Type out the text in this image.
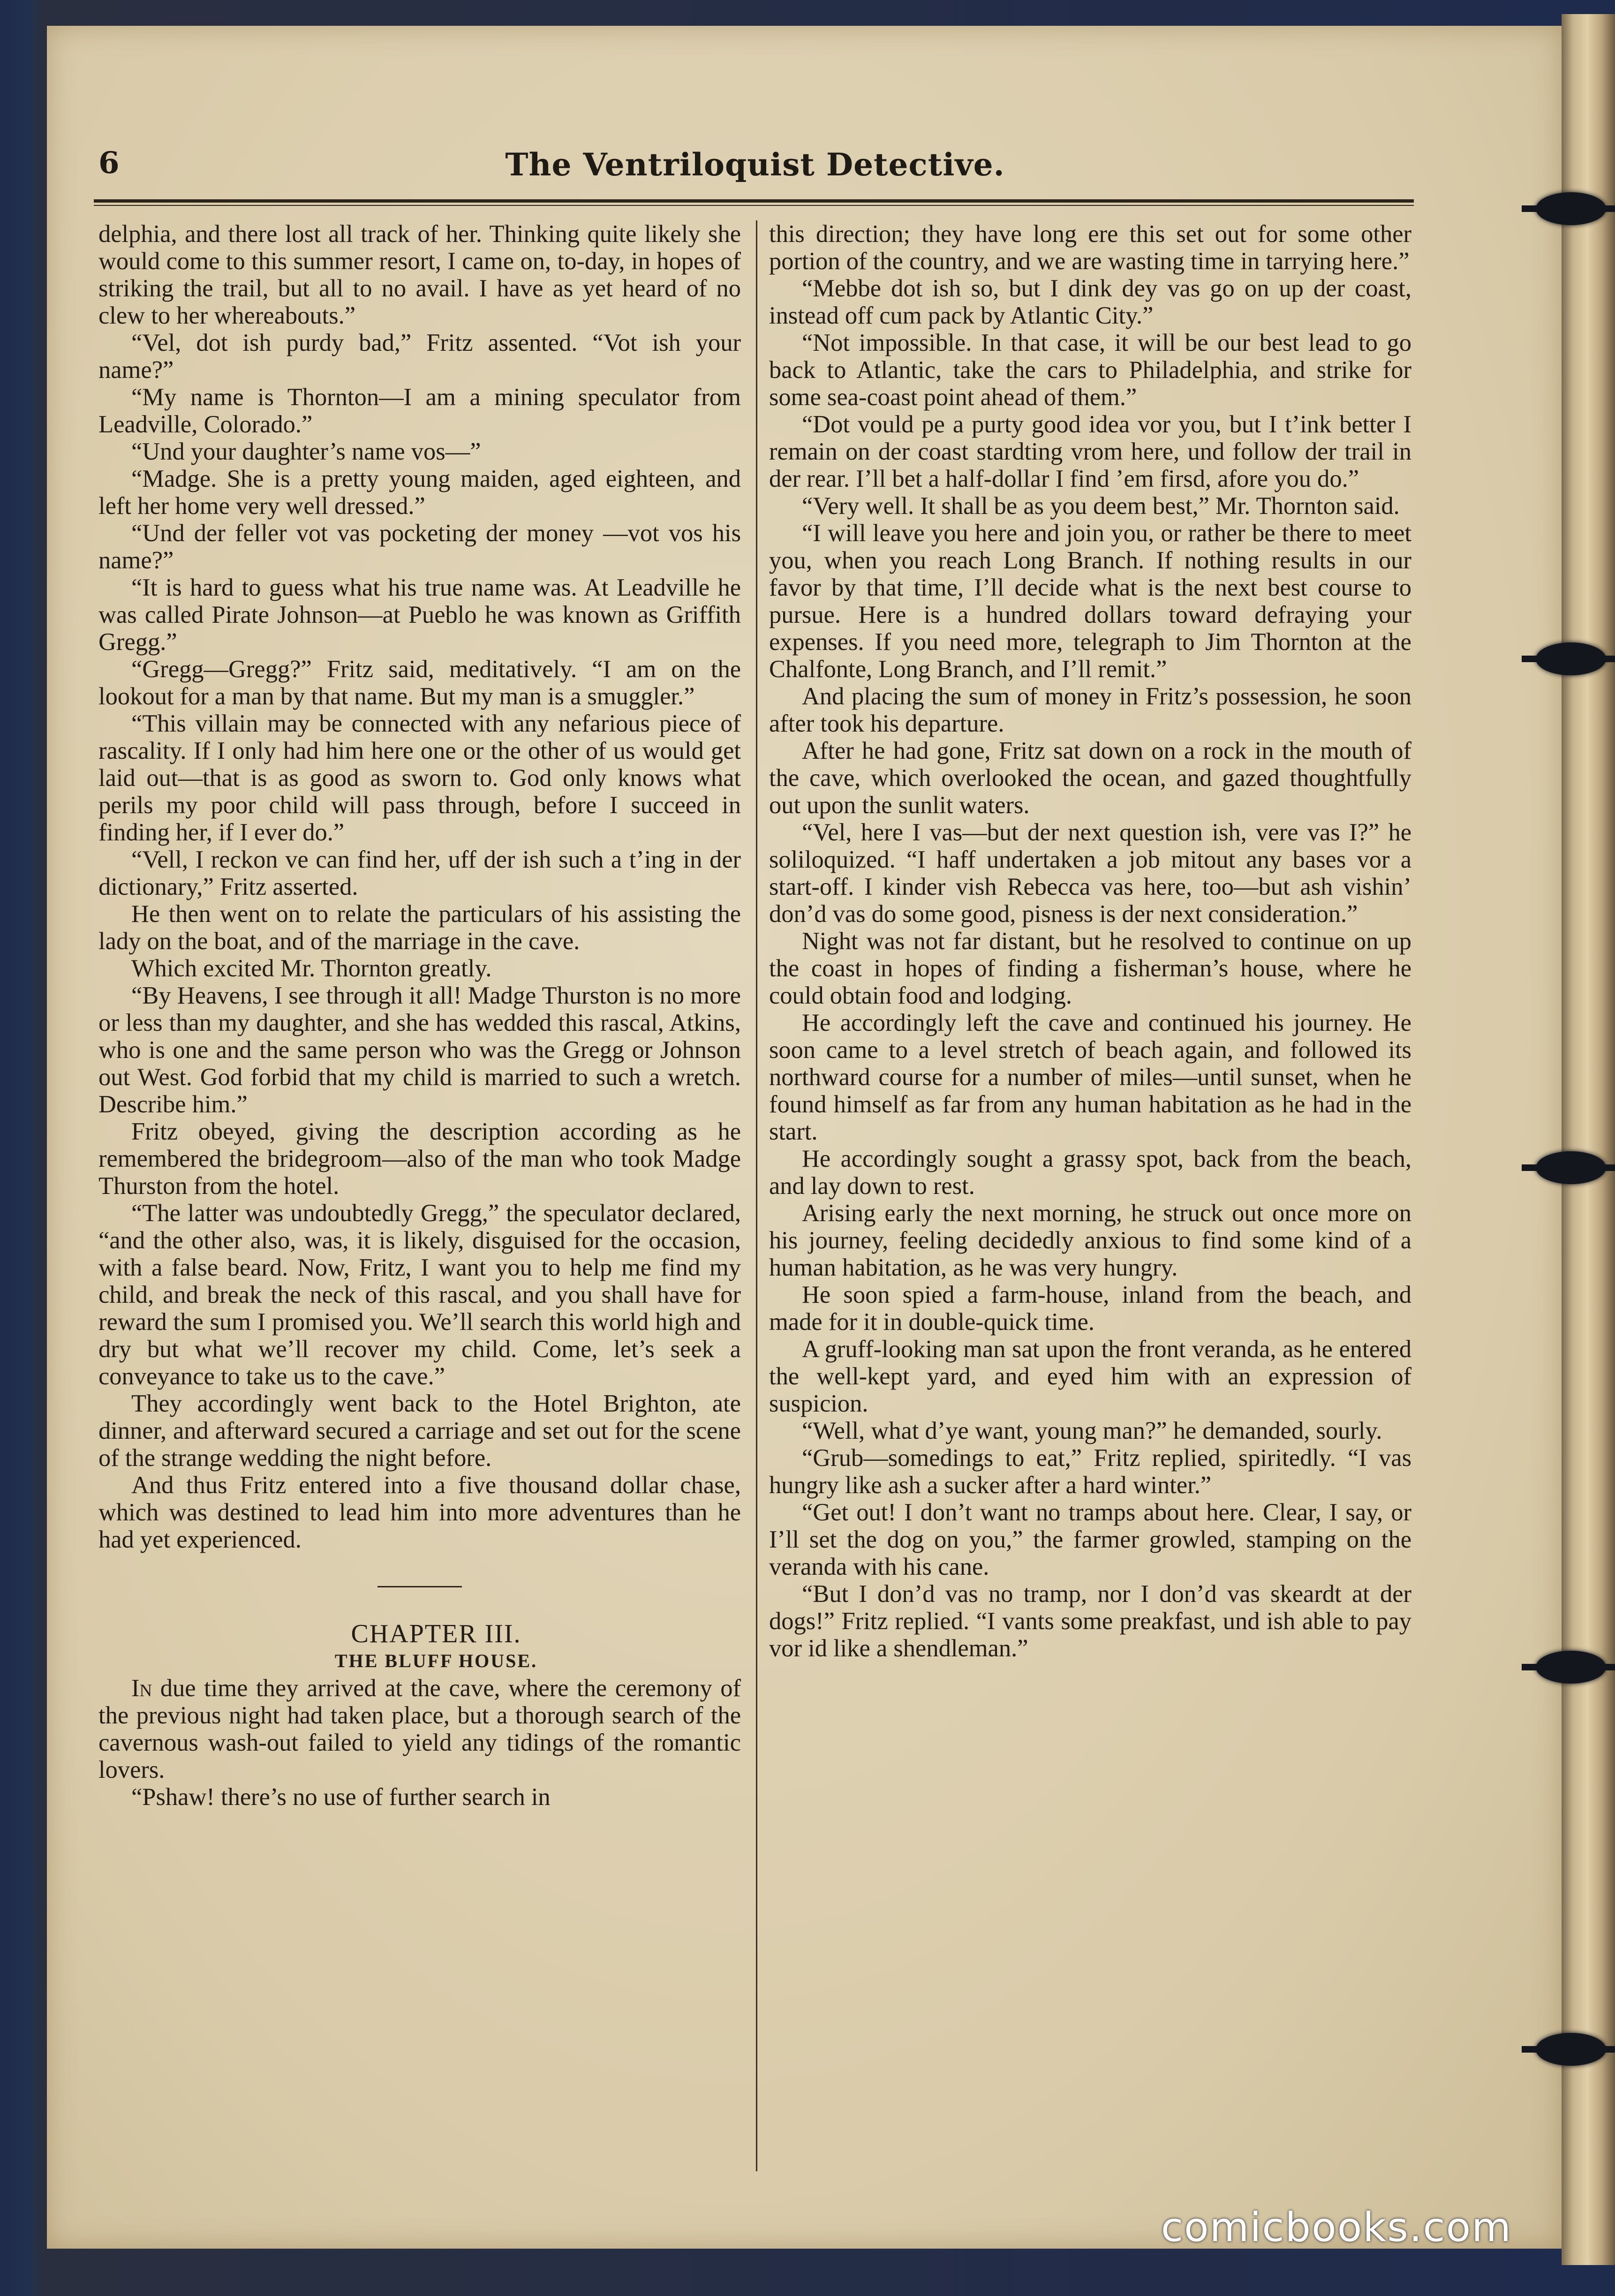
6	The Ventriloquist Detective.

delphia, and there lost all track of her. Thinking quite likely she would come to this summer resort, I came on, to-day, in hopes of striking the trail, but all to no avail. I have as yet heard of no clew to her whereabouts.”

“Vel, dot ish purdy bad,” Fritz assented. “Vot ish your name?”

“My name is Thornton—I am a mining speculator from Leadville, Colorado.”

“Und your daughter’s name vos—”

“Madge. She is a pretty young maiden, aged eighteen, and left her home very well dressed.”

“Und der feller vot vas pocketing der money —vot vos his name?”

“It is hard to guess what his true name was. At Leadville he was called Pirate Johnson—at Pueblo he was known as Griffith Gregg.”

“Gregg—Gregg?” Fritz said, meditatively. “I am on the lookout for a man by that name. But my man is a smuggler.”

“This villain may be connected with any nefarious piece of rascality. If I only had him here one or the other of us would get laid out—that is as good as sworn to. God only knows what perils my poor child will pass through, before I succeed in finding her, if I ever do.”

“Vell, I reckon ve can find her, uff der ish such a t’ing in der dictionary,” Fritz asserted.

He then went on to relate the particulars of his assisting the lady on the boat, and of the marriage in the cave.

Which excited Mr. Thornton greatly.

“By Heavens, I see through it all! Madge Thurston is no more or less than my daughter, and she has wedded this rascal, Atkins, who is one and the same person who was the Gregg or Johnson out West. God forbid that my child is married to such a wretch. Describe him.”

Fritz obeyed, giving the description according as he remembered the bridegroom—also of the man who took Madge Thurston from the hotel.

“The latter was undoubtedly Gregg,” the speculator declared, “and the other also, was, it is likely, disguised for the occasion, with a false beard. Now, Fritz, I want you to help me find my child, and break the neck of this rascal, and you shall have for reward the sum I promised you. We’ll search this world high and dry but what we’ll recover my child. Come, let’s seek a conveyance to take us to the cave.”

They accordingly went back to the Hotel Brighton, ate dinner, and afterward secured a carriage and set out for the scene of the strange wedding the night before.

And thus Fritz entered into a five thousand dollar chase, which was destined to lead him into more adventures than he had yet experienced.

CHAPTER III.

THE BLUFF HOUSE.

In due time they arrived at the cave, where the ceremony of the previous night had taken place, but a thorough search of the cavernous wash-out failed to yield any tidings of the romantic lovers.

“Pshaw! there’s no use of further search in

this direction; they have long ere this set out for some other portion of the country, and we are wasting time in tarrying here.”

“Mebbe dot ish so, but I dink dey vas go on up der coast, instead off cum pack by Atlantic City.”

“Not impossible. In that case, it will be our best lead to go back to Atlantic, take the cars to Philadelphia, and strike for some sea-coast point ahead of them.”

“Dot vould pe a purty good idea vor you, but I t’ink better I remain on der coast stardting vrom here, und follow der trail in der rear. I’ll bet a half-dollar I find ’em firsd, afore you do.”

“Very well. It shall be as you deem best,” Mr. Thornton said.

“I will leave you here and join you, or rather be there to meet you, when you reach Long Branch. If nothing results in our favor by that time, I’ll decide what is the next best course to pursue. Here is a hundred dollars toward defraying your expenses. If you need more, telegraph to Jim Thornton at the Chalfonte, Long Branch, and I’ll remit.”

And placing the sum of money in Fritz’s possession, he soon after took his departure.

After he had gone, Fritz sat down on a rock in the mouth of the cave, which overlooked the ocean, and gazed thoughtfully out upon the sunlit waters.

“Vel, here I vas—but der next question ish, vere vas I?” he soliloquized. “I haff undertaken a job mitout any bases vor a start-off. I kinder vish Rebecca vas here, too—but ash vishin’ don’d vas do some good, pisness is der next consideration.”

Night was not far distant, but he resolved to continue on up the coast in hopes of finding a fisherman’s house, where he could obtain food and lodging.

He accordingly left the cave and continued his journey. He soon came to a level stretch of beach again, and followed its northward course for a number of miles—until sunset, when he found himself as far from any human habitation as he had in the start.

He accordingly sought a grassy spot, back from the beach, and lay down to rest.

Arising early the next morning, he struck out once more on his journey, feeling decidedly anxious to find some kind of a human habitation, as he was very hungry.

He soon spied a farm-house, inland from the beach, and made for it in double-quick time.

A gruff-looking man sat upon the front veranda, as he entered the well-kept yard, and eyed him with an expression of suspicion.

“Well, what d’ye want, young man?” he demanded, sourly.

“Grub—somedings to eat,” Fritz replied, spiritedly. “I vas hungry like ash a sucker after a hard winter.”

“Get out! I don’t want no tramps about here. Clear, I say, or I’ll set the dog on you,” the farmer growled, stamping on the veranda with his cane.

“But I don’d vas no tramp, nor I don’d vas skeardt at der dogs!” Fritz replied. “I vants some preakfast, und ish able to pay vor id like a shendleman.”

comicbooks.com
